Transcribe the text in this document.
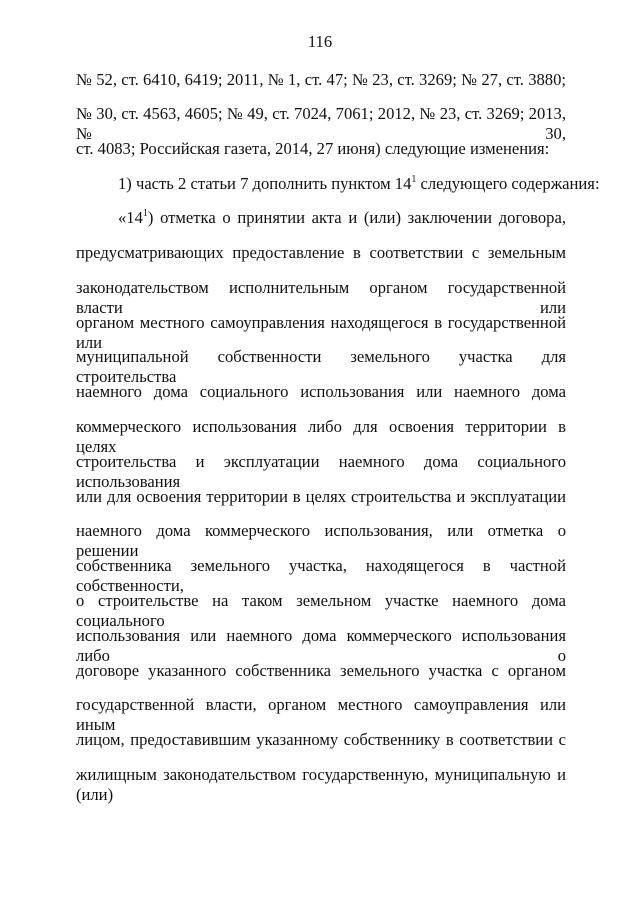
116
№ 52, ст. 6410, 6419; 2011, № 1, ст. 47; № 23, ст. 3269; № 27, ст. 3880;
№ 30, ст. 4563, 4605; № 49, ст. 7024, 7061; 2012, № 23, ст. 3269; 2013, № 30,
ст. 4083; Российская газета, 2014, 27 июня) следующие изменения:
1) часть 2 статьи 7 дополнить пунктом $14^1$ следующего содержания:
«$14^1$) отметка о принятии акта и (или) заключении договора,
предусматривающих предоставление в соответствии с земельным
законодательством исполнительным органом государственной власти или
органом местного самоуправления находящегося в государственной или
муниципальной собственности земельного участка для строительства
наемного дома социального использования или наемного дома
коммерческого использования либо для освоения территории в целях
строительства и эксплуатации наемного дома социального использования
или для освоения территории в целях строительства и эксплуатации
наемного дома коммерческого использования, или отметка о решении
собственника земельного участка, находящегося в частной собственности,
о строительстве на таком земельном участке наемного дома социального
использования или наемного дома коммерческого использования либо о
договоре указанного собственника земельного участка с органом
государственной власти, органом местного самоуправления или иным
лицом, предоставившим указанному собственнику в соответствии с
жилищным законодательством государственную, муниципальную и (или)
